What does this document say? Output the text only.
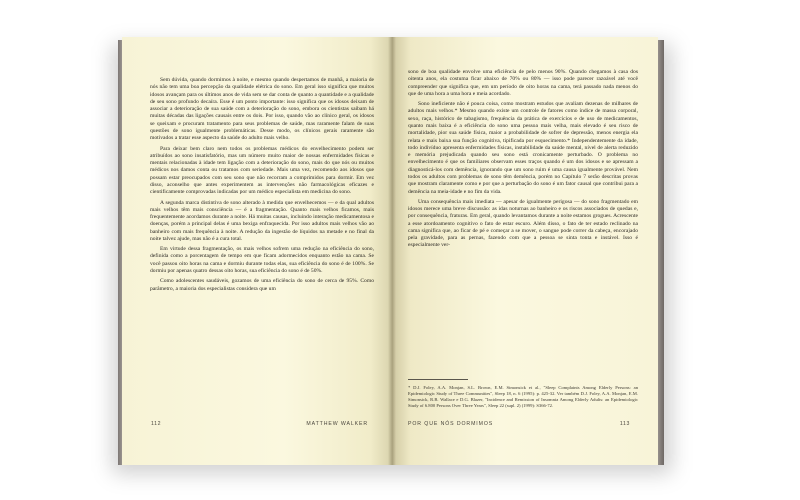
Sem dúvida, quando dormimos à noite, e mesmo quando despertamos de manhã, a maioria de nós não tem uma boa percepção da qualidade elétrica do sono. Em geral isso significa que muitos idosos avançam para os últimos anos de vida sem se dar conta de quanto a quantidade e a qualidade de seu sono profundo decaíra. Esse é um ponto importante: isso significa que os idosos deixam de associar a deterioração de sua saúde com a deterioração do sono, embora os cientistas saibam há muitas décadas das ligações causais entre os dois. Por isso, quando vão ao clínico geral, os idosos se queixam e procuram tratamento para seus problemas de saúde, mas raramente falam de suas questões de sono igualmente problemáticas. Desse modo, os clínicos gerais raramente são motivados a tratar esse aspecto da saúde do adulto mais velho.

Para deixar bem claro nem todos os problemas médicos do envelhecimento podem ser atribuídos ao sono insatisfatório, mas um número muito maior de nossas enfermidades físicas e mentais relacionadas à idade tem ligação com a deterioração do sono, mais do que nós ou muitos médicos nos damos conta ou tratamos com seriedade. Mais uma vez, recomendo aos idosos que possam estar preocupados com seu sono que não recorram a comprimidos para dormir. Em vez disso, aconselho que antes experimentem as intervenções não farmacológicas eficazes e cientificamente comprovadas indicadas por um médico especialista em medicina do sono.

A segunda marca distintiva de sono alterado à medida que envelhecemos — e da qual adultos mais velhos têm mais consciência — é a fragmentação. Quanto mais velhos ficamos, mais frequentemente acordamos durante a noite. Há muitas causas, incluindo interação medicamentosa e doenças, porém a principal delas é uma bexiga enfraquecida. Por isso adultos mais velhos vão ao banheiro com mais frequência à noite. A redução da ingestão de líquidos na metade e no final da noite talvez ajude, mas não é a cura total.

Em virtude dessa fragmentação, os mais velhos sofrem uma redução na eficiência do sono, definida como a porcentagem de tempo em que ficam adormecidos enquanto estão na cama. Se você passou oito horas na cama e dormiu durante todas elas, sua eficiência do sono é de 100%. Se dormiu por apenas quatro dessas oito horas, sua eficiência do sono é de 50%.

Como adolescentes saudáveis, gozamos de uma eficiência do sono de cerca de 95%. Como parâmetro, a maioria dos especialistas considera que um

112	MATTHEW WALKER

sono de boa qualidade envolve uma eficiência de pelo menos 90%. Quando chegamos à casa dos oitenta anos, ela costuma ficar abaixo de 70% ou 80% — isso pode parecer razoável até você compreender que significa que, em um período de oito horas na cama, terá passado nada menos do que de uma hora a uma hora e meia acordado.

Sono ineficiente não é pouca coisa, como mostram estudos que avaliam dezenas de milhares de adultos mais velhos.* Mesmo quando existe um controle de fatores como índice de massa corporal, sexo, raça, histórico de tabagismo, frequência da prática de exercícios e de uso de medicamentos, quanto mais baixa é a eficiência do sono uma pessoa mais velha, mais elevado é seu risco de mortalidade, pior sua saúde física, maior a probabilidade de sofrer de depressão, menos energia ela relata e mais baixa sua função cognitiva, tipificada por esquecimento.* Independentemente da idade, todo indivíduo apresenta enfermidades físicas, instabilidade da saúde mental, nível de alerta reduzido e memória prejudicada quando seu sono está cronicamente perturbado. O problema no envelhecimento é que os familiares observam esses traços quando é um dos idosos e se apressam a diagnosticá-los com demência, ignorando que um sono ruim é uma causa igualmente provável. Nem todos os adultos com problemas de sono têm demência, porém no Capítulo 7 serão descritas provas que mostram claramente como e por que a perturbação do sono é um fator causal que contribui para a demência na meia-idade e no fim da vida.

Uma consequência mais imediata — apesar de igualmente perigosa — do sono fragmentado em idosos merece uma breve discussão: as idas noturnas ao banheiro e os riscos associados de quedas e, por consequência, fraturas. Em geral, quando levantamos durante a noite estamos grogues. Acrescente a esse atordoamento cognitivo o fato de estar escuro. Além disso, o fato de ter estado reclinado na cama significa que, ao ficar de pé e começar a se mover, o sangue pode correr da cabeça, encorajado pela gravidade, para as pernas, fazendo com que a pessoa se sinta tonta e instável. Isso é especialmente ver-

* D.J. Foley, A.A. Monjan, S.L. Brown, E.M. Simonsick et al., "Sleep Complaints Among Elderly Persons: an Epidemiologic Study of Three Communities", Sleep 18, n. 6 (1995): p. 425-32. Ver também D.J. Foley, A.A. Monjan, E.M. Simonsick, R.B. Wallace e D.G. Blazer, "Incidence and Remission of Insomnia Among Elderly Adults: an Epidemiologic Study of 6.800 Persons Over Three Years", Sleep 22 (supl. 2) (1999): S366-72.
POR QUE NÓS DORMIMOS	113
